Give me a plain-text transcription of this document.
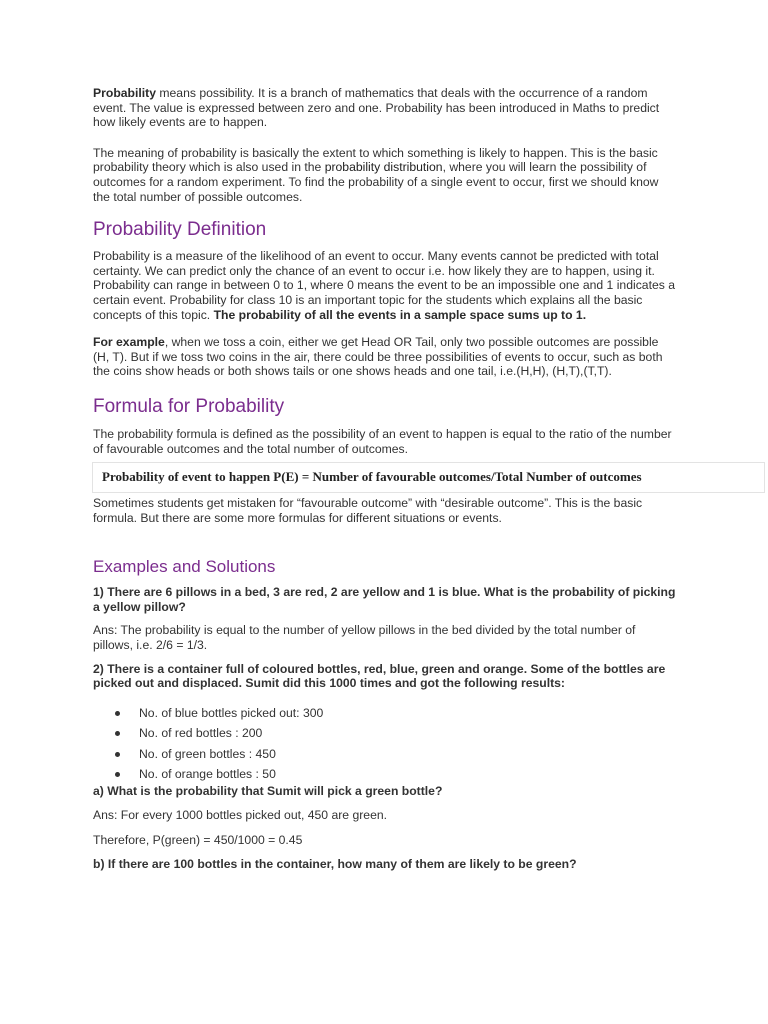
Probability means possibility. It is a branch of mathematics that deals with the occurrence of a random event. The value is expressed between zero and one. Probability has been introduced in Maths to predict how likely events are to happen.

The meaning of probability is basically the extent to which something is likely to happen. This is the basic probability theory which is also used in the probability distribution, where you will learn the possibility of outcomes for a random experiment. To find the probability of a single event to occur, first we should know the total number of possible outcomes.

Probability Definition

Probability is a measure of the likelihood of an event to occur. Many events cannot be predicted with total certainty. We can predict only the chance of an event to occur i.e. how likely they are to happen, using it. Probability can range in between 0 to 1, where 0 means the event to be an impossible one and 1 indicates a certain event. Probability for class 10 is an important topic for the students which explains all the basic concepts of this topic. The probability of all the events in a sample space sums up to 1.

For example, when we toss a coin, either we get Head OR Tail, only two possible outcomes are possible (H, T). But if we toss two coins in the air, there could be three possibilities of events to occur, such as both the coins show heads or both shows tails or one shows heads and one tail, i.e.(H,H), (H,T),(T,T).

Formula for Probability

The probability formula is defined as the possibility of an event to happen is equal to the ratio of the number of favourable outcomes and the total number of outcomes.

Probability of event to happen P(E) = Number of favourable outcomes/Total Number of outcomes

Sometimes students get mistaken for “favourable outcome” with “desirable outcome”. This is the basic formula. But there are some more formulas for different situations or events.

Examples and Solutions

1) There are 6 pillows in a bed, 3 are red, 2 are yellow and 1 is blue. What is the probability of picking a yellow pillow?

Ans: The probability is equal to the number of yellow pillows in the bed divided by the total number of pillows, i.e. 2/6 = 1/3.

2) There is a container full of coloured bottles, red, blue, green and orange. Some of the bottles are picked out and displaced. Sumit did this 1000 times and got the following results:

No. of blue bottles picked out: 300
No. of red bottles : 200
No. of green bottles : 450
No. of orange bottles : 50

a) What is the probability that Sumit will pick a green bottle?

Ans: For every 1000 bottles picked out, 450 are green.

Therefore, P(green) = 450/1000 = 0.45

b) If there are 100 bottles in the container, how many of them are likely to be green?
